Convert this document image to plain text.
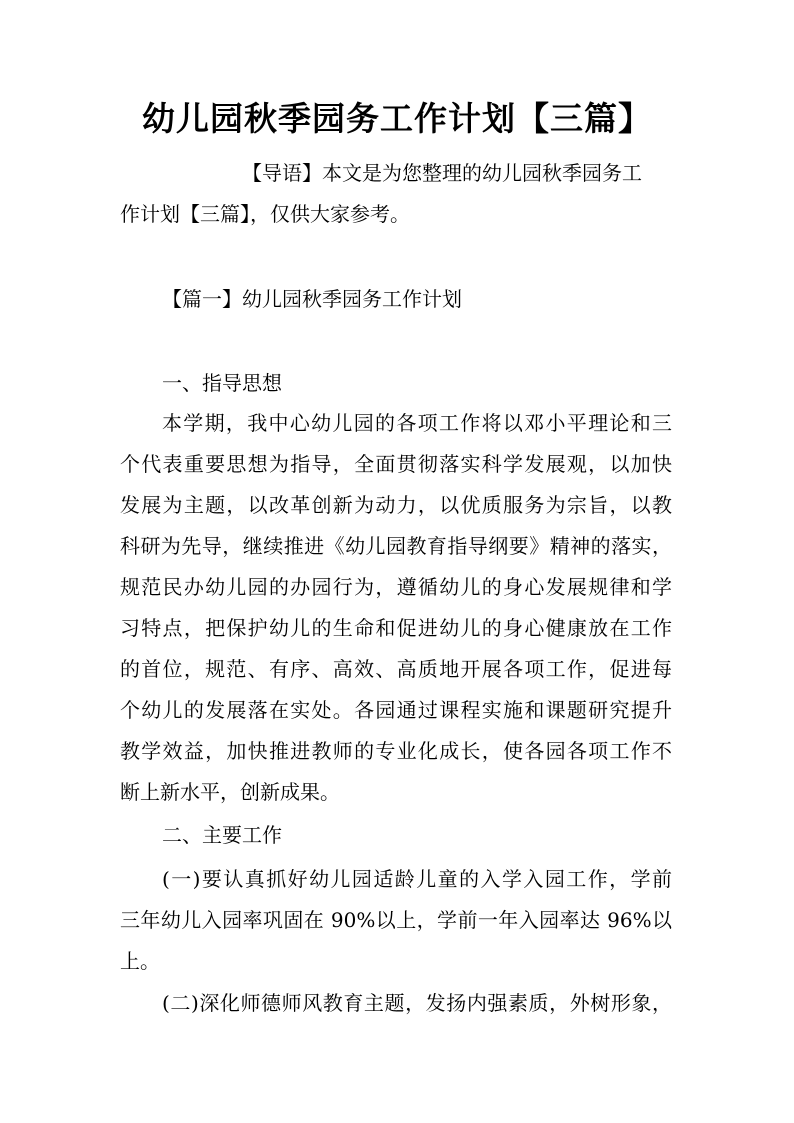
幼儿园秋季园务工作计划【三篇】
【导语】本文是为您整理的幼儿园秋季园务工
作计划【三篇】，仅供大家参考。
【篇一】幼儿园秋季园务工作计划
一、指导思想
本学期，我中心幼儿园的各项工作将以邓小平理论和三
个代表重要思想为指导，全面贯彻落实科学发展观，以加快
发展为主题，以改革创新为动力，以优质服务为宗旨，以教
科研为先导，继续推进《幼儿园教育指导纲要》精神的落实，
规范民办幼儿园的办园行为，遵循幼儿的身心发展规律和学
习特点，把保护幼儿的生命和促进幼儿的身心健康放在工作
的首位，规范、有序、高效、高质地开展各项工作，促进每
个幼儿的发展落在实处。各园通过课程实施和课题研究提升
教学效益，加快推进教师的专业化成长，使各园各项工作不
断上新水平，创新成果。
二、主要工作
(一)要认真抓好幼儿园适龄儿童的入学入园工作，学前
三年幼儿入园率巩固在 90%以上，学前一年入园率达 96%以
上。
(二)深化师德师风教育主题，发扬内强素质，外树形象，
